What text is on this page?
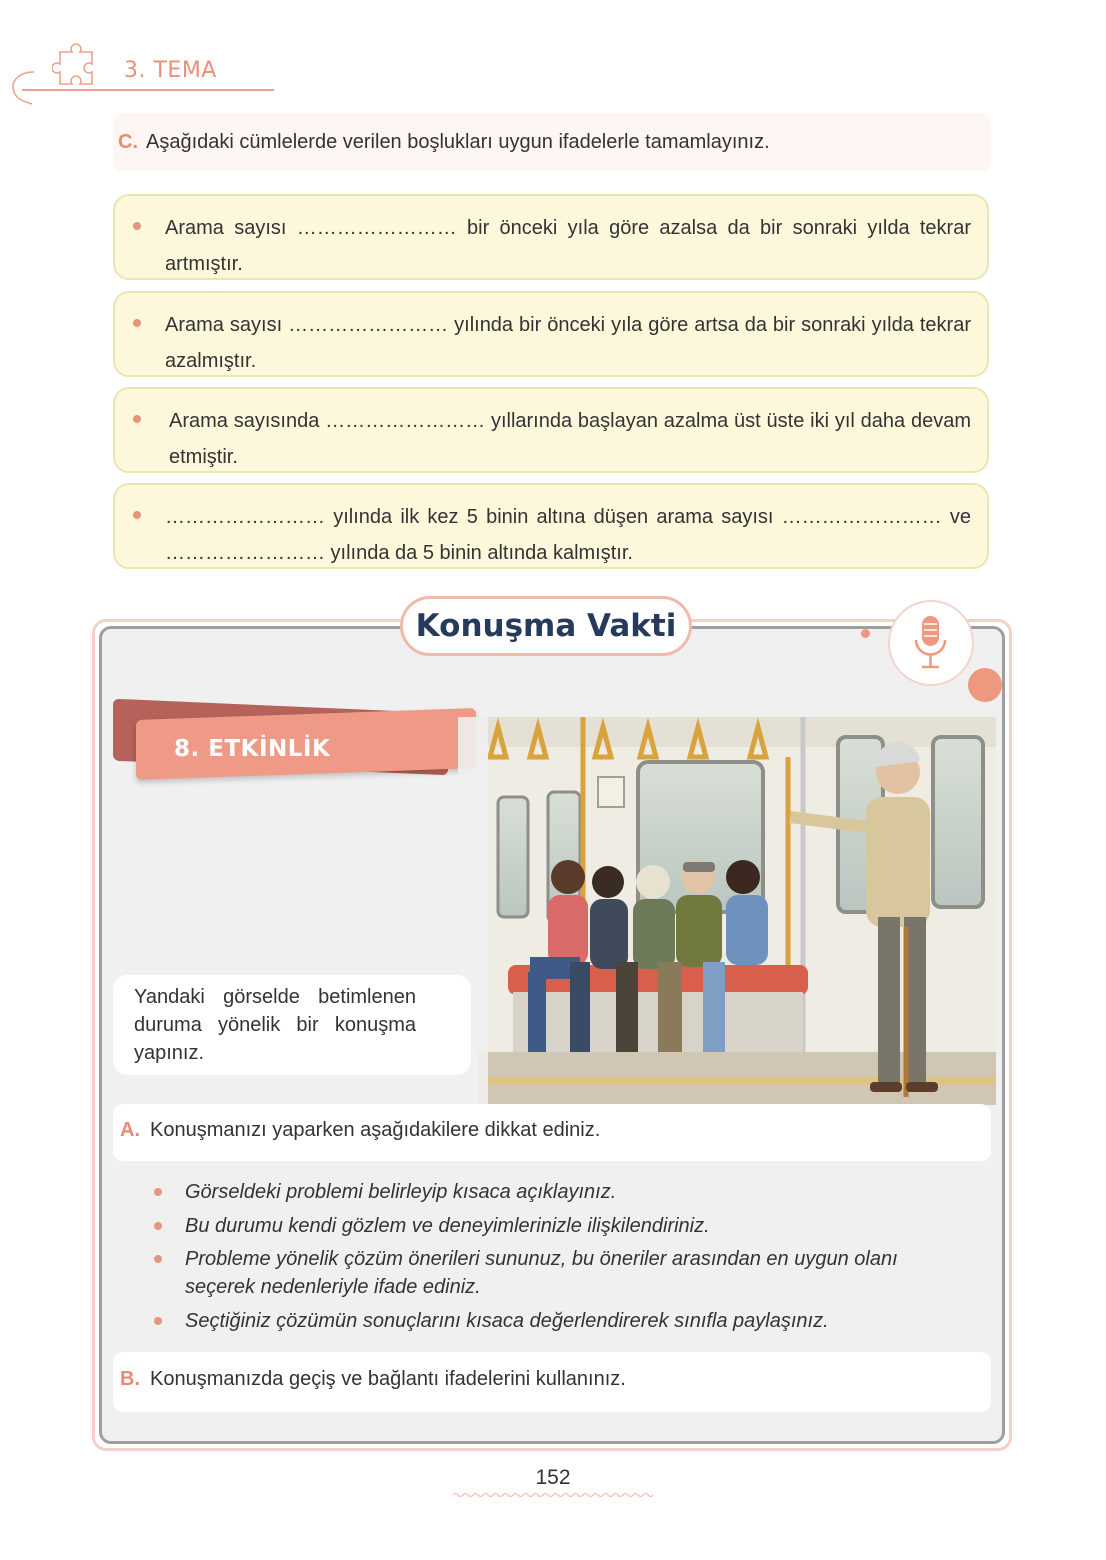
3. TEMA
C. Aşağıdaki cümlelerde verilen boşlukları uygun ifadelerle tamamlayınız.
Arama sayısı …………………… bir önceki yıla göre azalsa da bir sonraki yılda tekrar artmıştır.
Arama sayısı …………………… yılında bir önceki yıla göre artsa da bir sonraki yılda tekrar azalmıştır.
Arama sayısında …………………… yıllarında başlayan azalma üst üste iki yıl daha devam etmiştir.
…………………… yılında ilk kez 5 binin altına düşen arama sayısı …………………… ve …………………… yılında da 5 binin altında kalmıştır.
Konuşma Vakti
8. ETKİNLİK
Yandaki görselde betimlenen duruma yönelik bir konuşma yapınız.
A. Konuşmanızı yaparken aşağıdakilere dikkat ediniz.
Görseldeki problemi belirleyip kısaca açıklayınız.
Bu durumu kendi gözlem ve deneyimlerinizle ilişkilendiriniz.
Probleme yönelik çözüm önerileri sununuz, bu öneriler arasından en uygun olanı seçerek nedenleriyle ifade ediniz.
Seçtiğiniz çözümün sonuçlarını kısaca değerlendirerek sınıfla paylaşınız.
B. Konuşmanızda geçiş ve bağlantı ifadelerini kullanınız.
152
